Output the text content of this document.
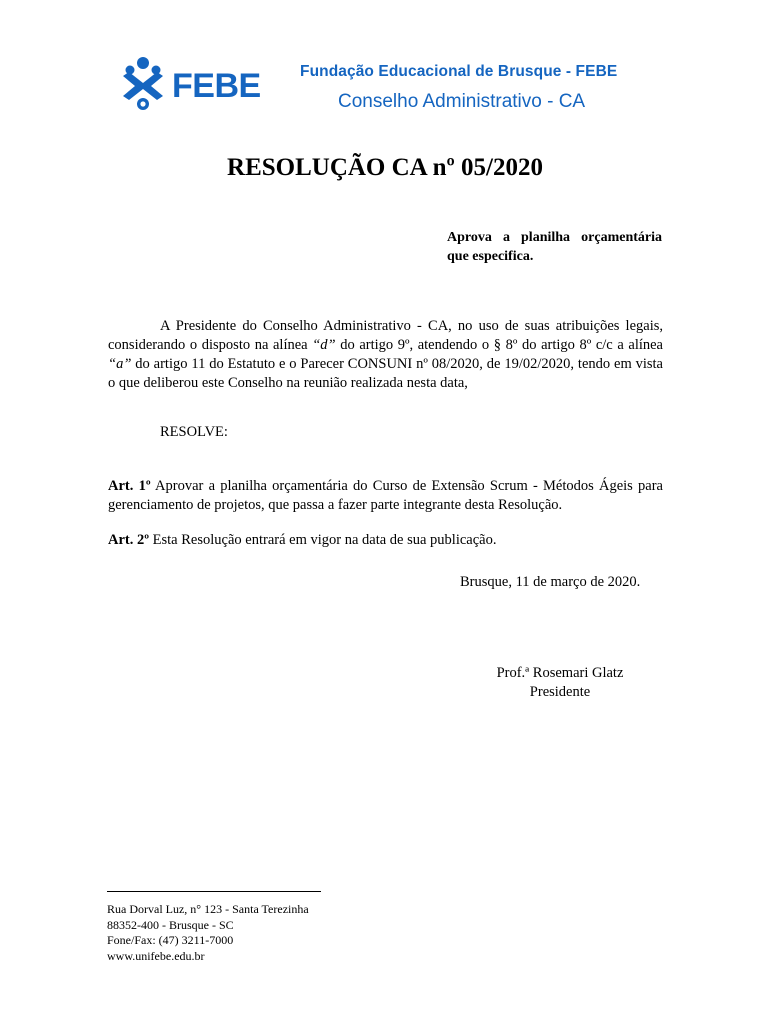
FEBE	Fundação Educacional de Brusque - FEBE
Conselho Administrativo - CA
RESOLUÇÃO CA nº 05/2020
Aprova a planilha orçamentária que especifica.
A Presidente do Conselho Administrativo - CA, no uso de suas atribuições legais, considerando o disposto na alínea “d” do artigo 9º, atendendo o § 8º do artigo 8º c/c a alínea “a” do artigo 11 do Estatuto e o Parecer CONSUNI nº 08/2020, de 19/02/2020, tendo em vista o que deliberou este Conselho na reunião realizada nesta data,
RESOLVE:
Art. 1º Aprovar a planilha orçamentária do Curso de Extensão Scrum - Métodos Ágeis para gerenciamento de projetos, que passa a fazer parte integrante desta Resolução.
Art. 2º Esta Resolução entrará em vigor na data de sua publicação.
Brusque, 11 de março de 2020.
Prof.ª Rosemari Glatz
Presidente
Rua Dorval Luz, n° 123 - Santa Terezinha
88352-400 - Brusque - SC
Fone/Fax: (47) 3211-7000
www.unifebe.edu.br
